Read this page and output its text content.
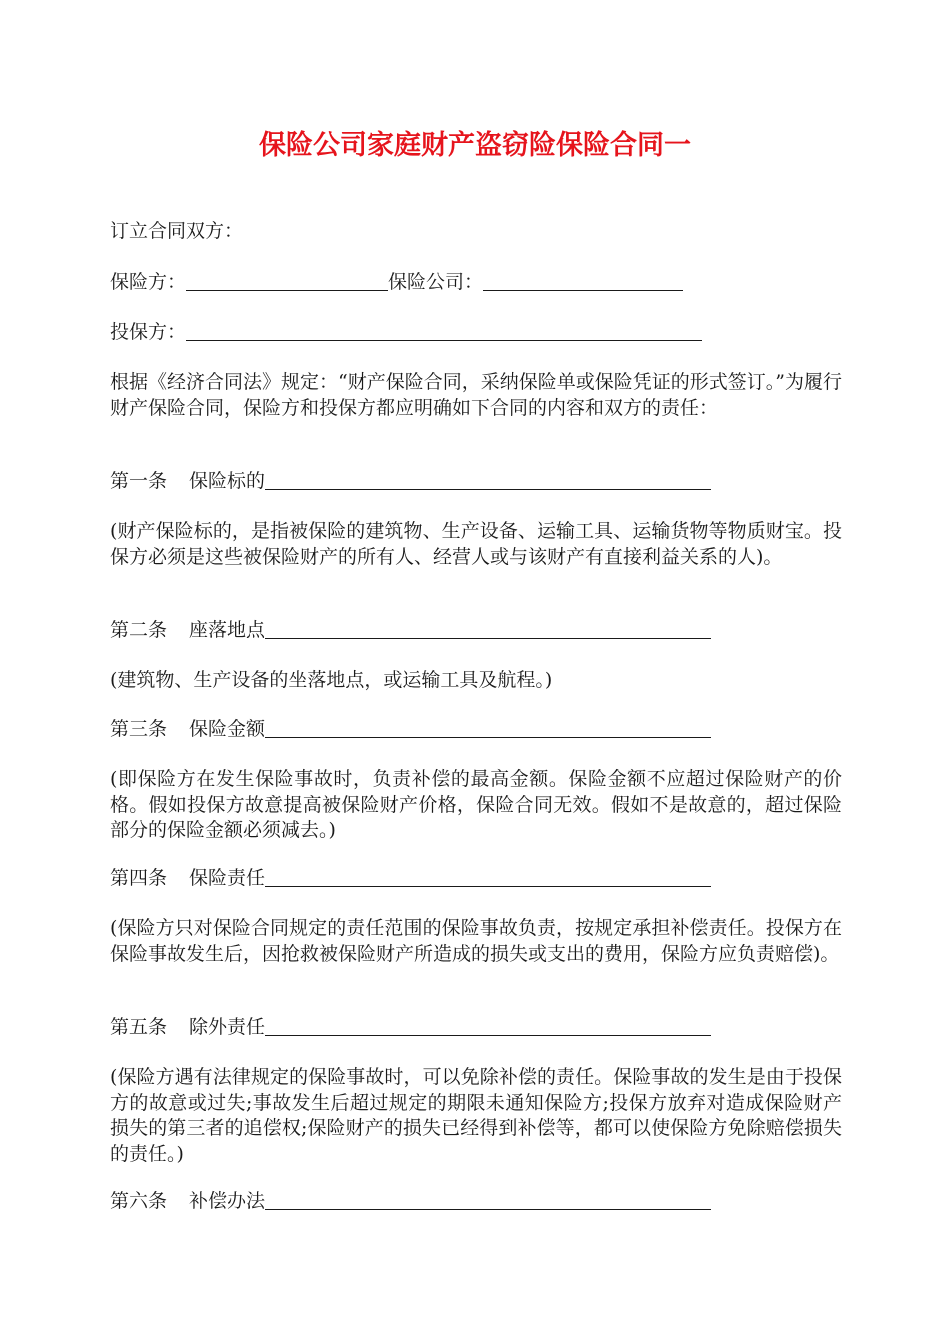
保险公司家庭财产盗窃险保险合同一
订立合同双方：
保险方：	保险公司：
投保方：
根据《经济合同法》规定：“财产保险合同，采纳保险单或保险凭证的形式签订。”为履行财产保险合同，保险方和投保方都应明确如下合同的内容和双方的责任：
第一条 保险标的
(财产保险标的，是指被保险的建筑物、生产设备、运输工具、运输货物等物质财宝。投保方必须是这些被保险财产的所有人、经营人或与该财产有直接利益关系的人)。
第二条 座落地点
(建筑物、生产设备的坐落地点，或运输工具及航程。)
第三条 保险金额
(即保险方在发生保险事故时，负责补偿的最高金额。保险金额不应超过保险财产的价格。假如投保方故意提高被保险财产价格，保险合同无效。假如不是故意的，超过保险部分的保险金额必须减去。)
第四条 保险责任
(保险方只对保险合同规定的责任范围的保险事故负责，按规定承担补偿责任。投保方在保险事故发生后，因抢救被保险财产所造成的损失或支出的费用，保险方应负责赔偿)。
第五条 除外责任
(保险方遇有法律规定的保险事故时，可以免除补偿的责任。保险事故的发生是由于投保方的故意或过失;事故发生后超过规定的期限未通知保险方;投保方放弃对造成保险财产损失的第三者的追偿权;保险财产的损失已经得到补偿等，都可以使保险方免除赔偿损失的责任。)
第六条 补偿办法
